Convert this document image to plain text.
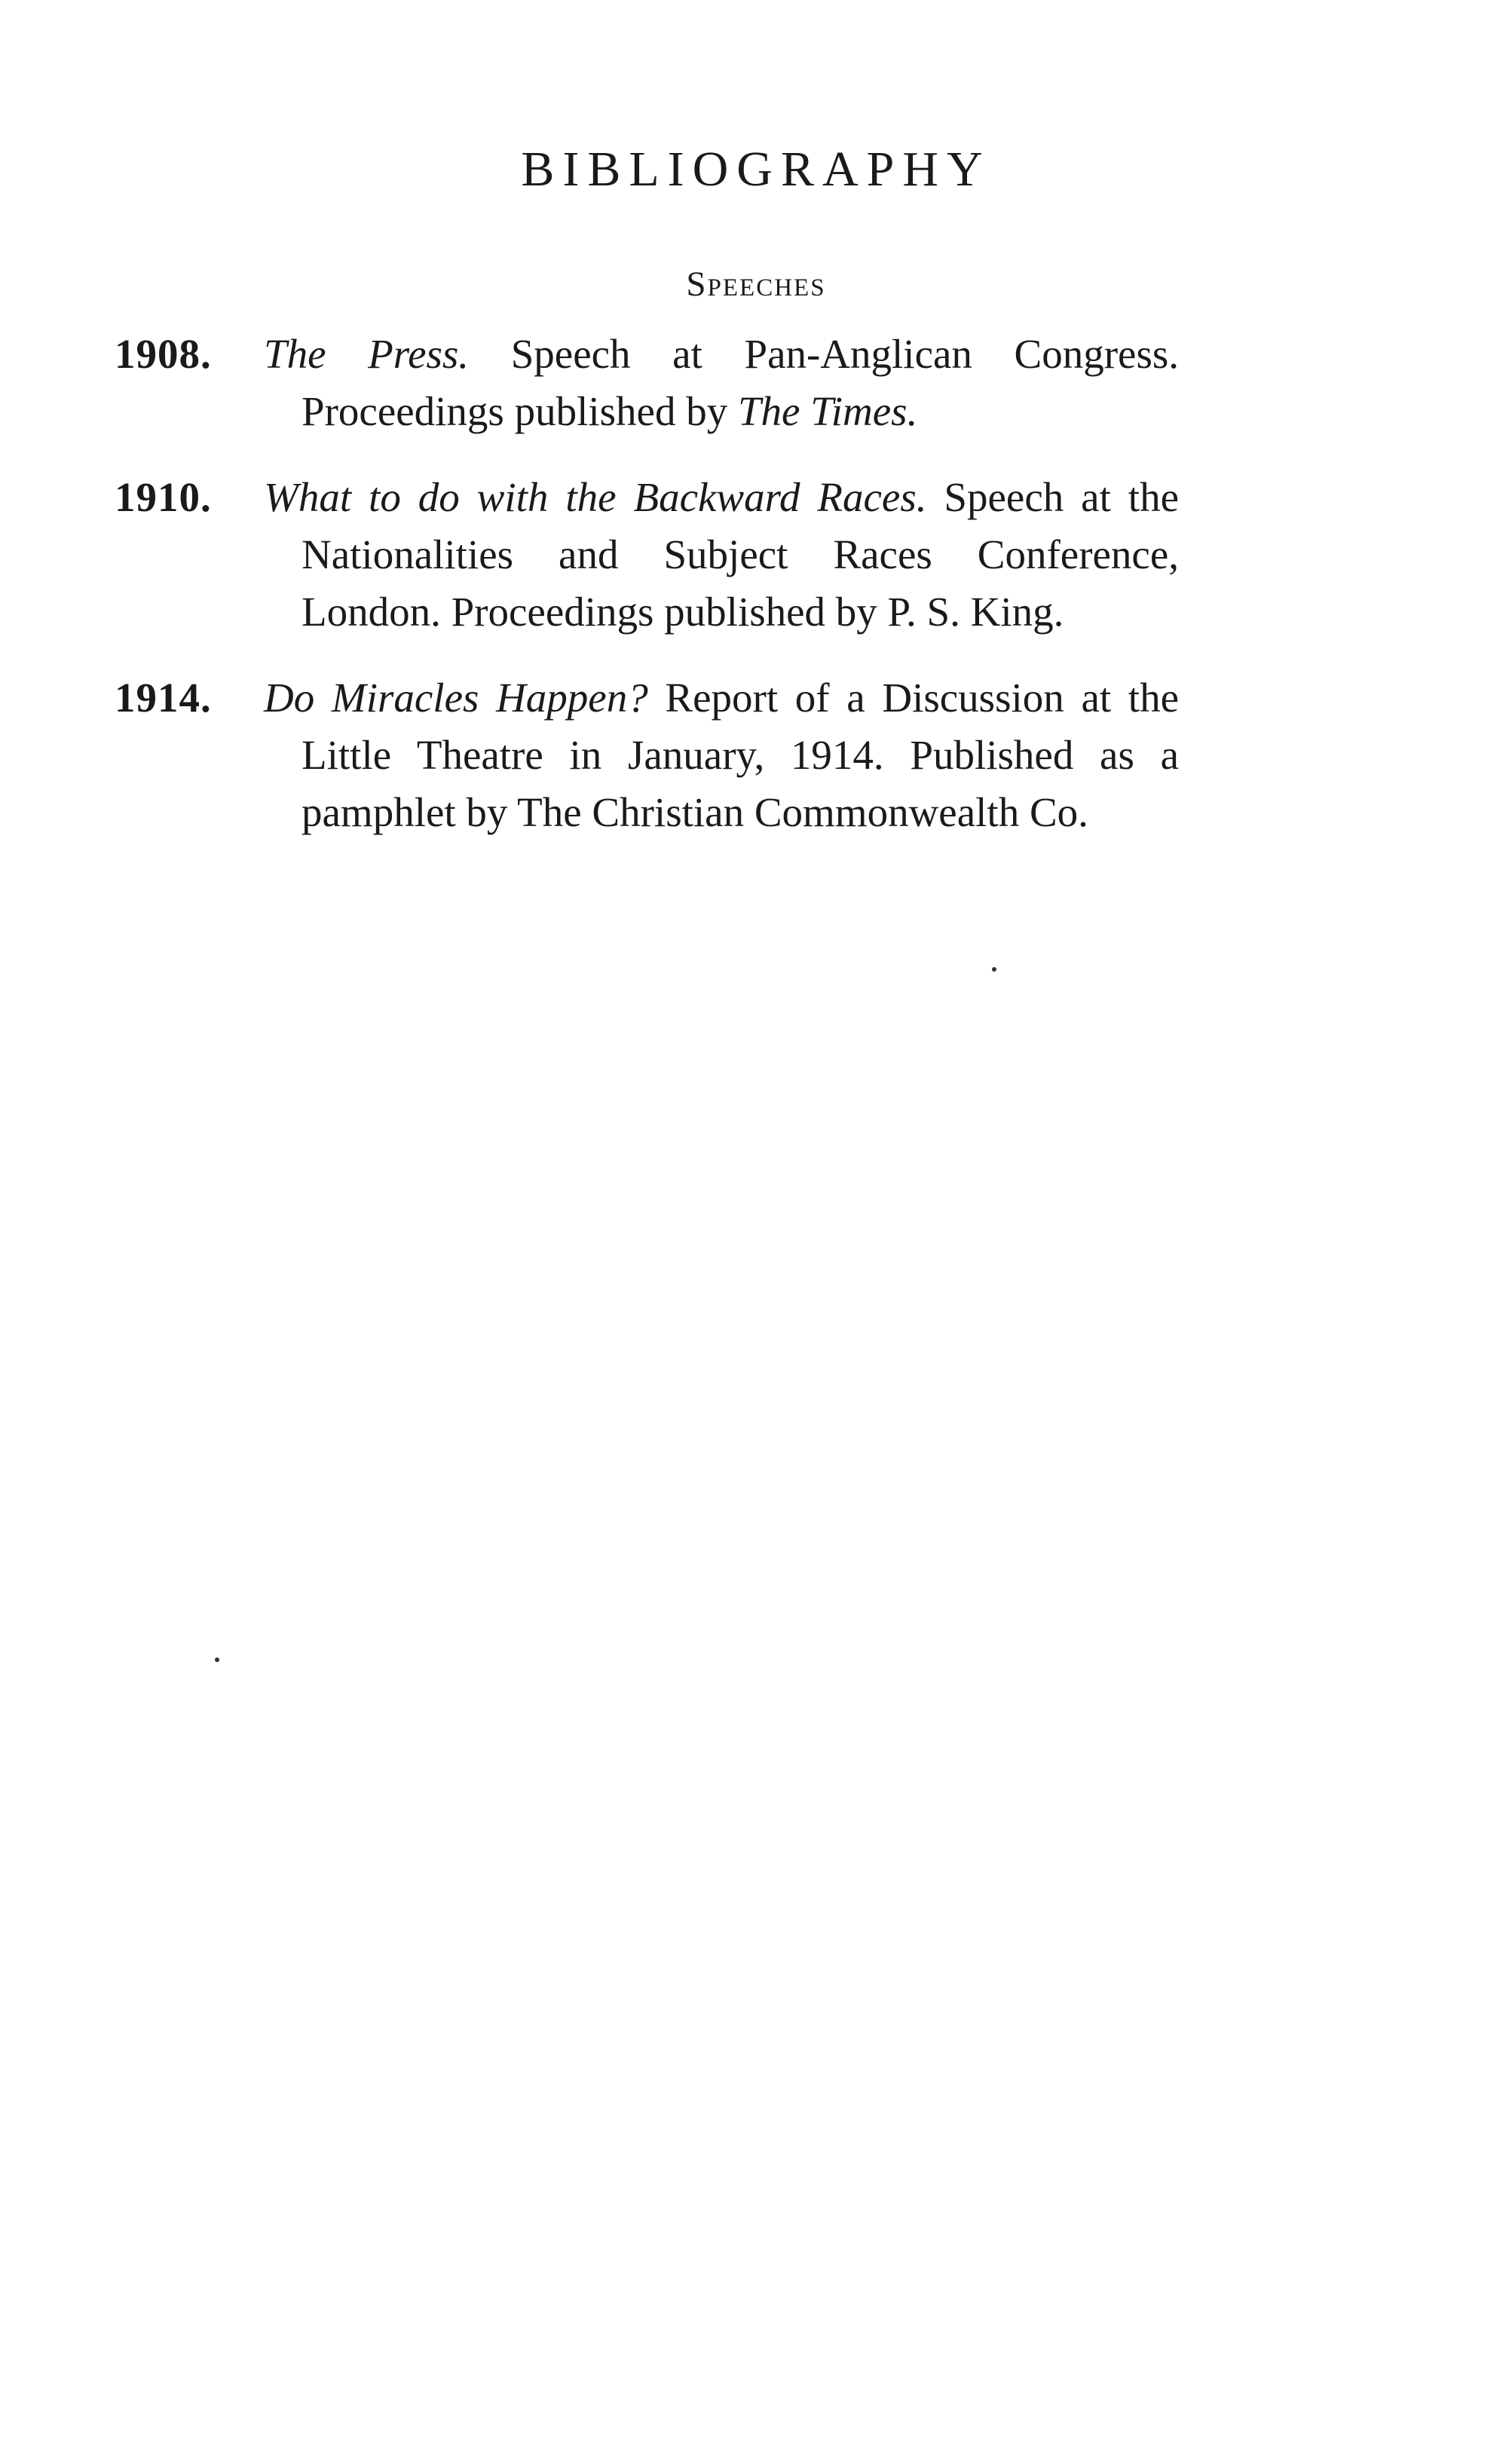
BIBLIOGRAPHY
Speeches
1908.	The Press. Speech at Pan-Anglican Congress. Proceedings published by The Times.
1910.	What to do with the Backward Races. Speech at the Nationalities and Subject Races Conference, London. Proceedings published by P. S. King.
1914.	Do Miracles Happen? Report of a Discussion at the Little Theatre in January, 1914. Published as a pamphlet by The Christian Commonwealth Co.
